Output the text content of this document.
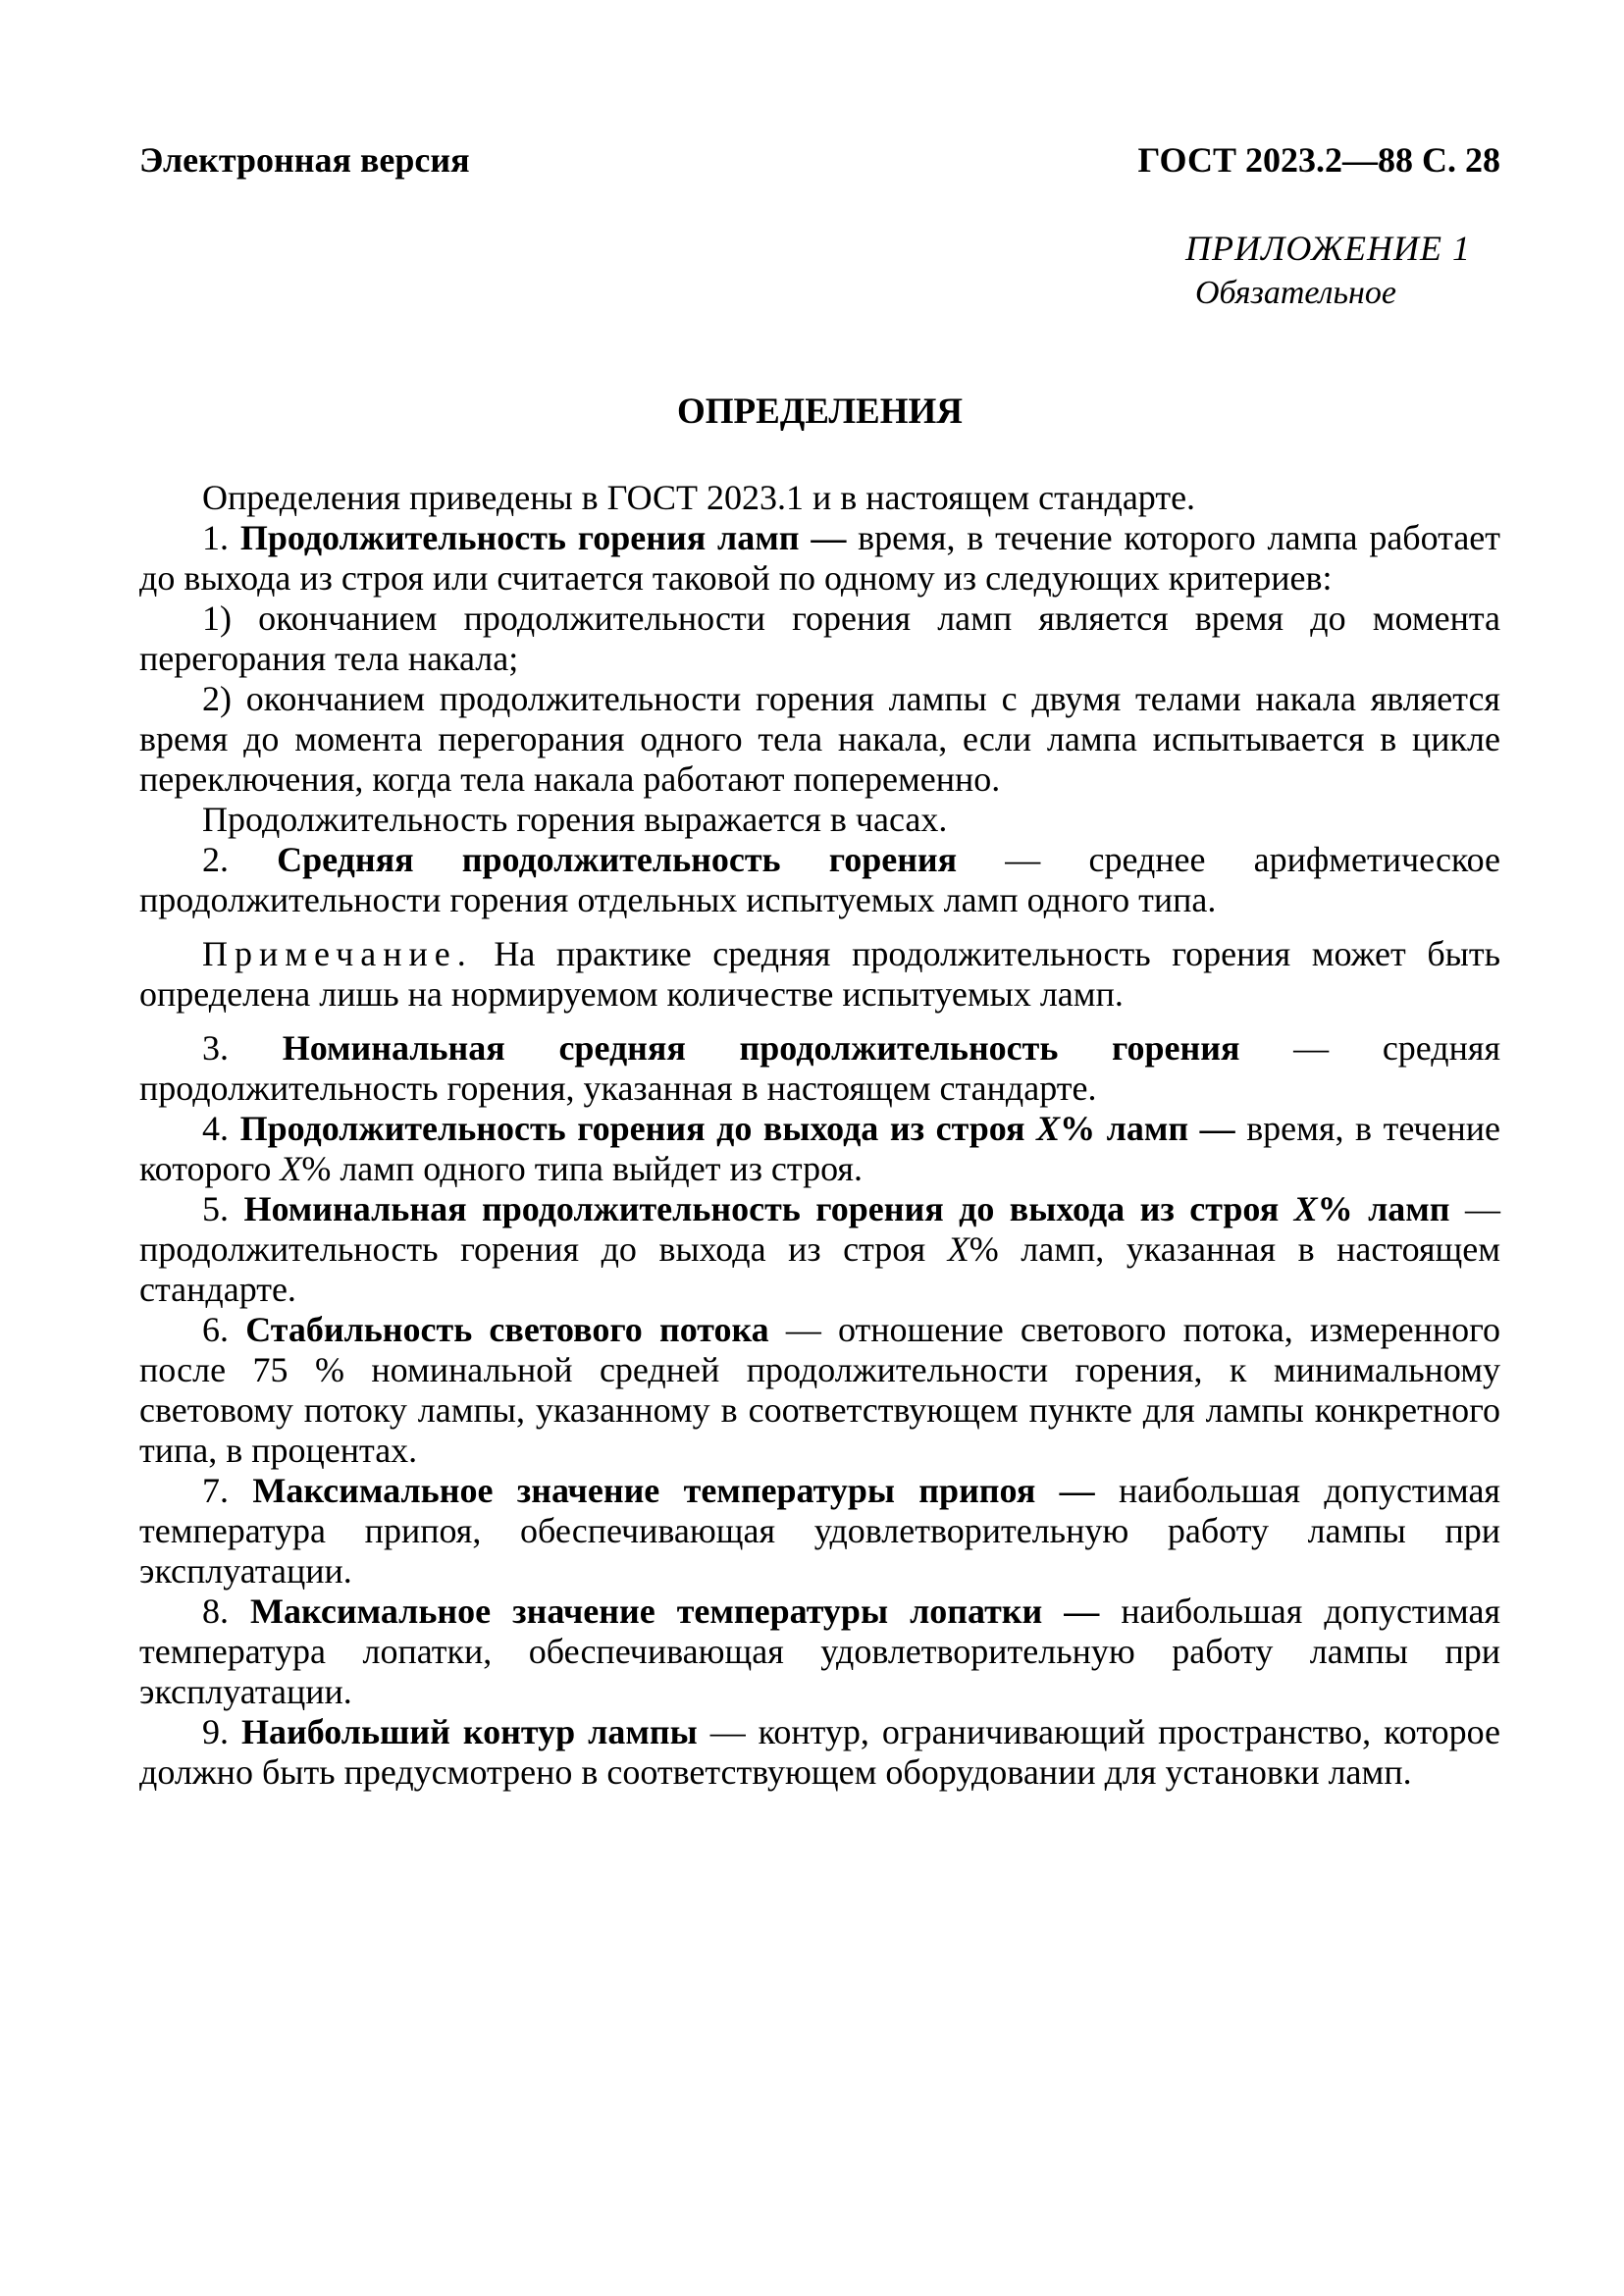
Электронная версия	ГОСТ 2023.2—88 С. 28
ПРИЛОЖЕНИЕ 1
Обязательное
ОПРЕДЕЛЕНИЯ

Определения приведены в ГОСТ 2023.1 и в настоящем стандарте.

1. Продолжительность горения ламп — время, в течение которого лампа работает до выхода из строя или считается таковой по одному из следующих критериев:

1) окончанием продолжительности горения ламп является время до момента перегорания тела накала;

2) окончанием продолжительности горения лампы с двумя телами накала является время до момента перегорания одного тела накала, если лампа испытывается в цикле переключения, когда тела накала работают попеременно.

Продолжительность горения выражается в часах.

2. Средняя продолжительность горения — среднее арифметическое продолжительности горения отдельных испытуемых ламп одного типа.

Примечание. На практике средняя продолжительность горения может быть определена лишь на нормируемом количестве испытуемых ламп.

3. Номинальная средняя продолжительность горения — средняя продолжительность горения, указанная в настоящем стандарте.

4. Продолжительность горения до выхода из строя X% ламп — время, в течение которого X% ламп одного типа выйдет из строя.

5. Номинальная продолжительность горения до выхода из строя X% ламп — продолжительность горения до выхода из строя X% ламп, указанная в настоящем стандарте.

6. Стабильность светового потока — отношение светового потока, измеренного после 75 % номинальной средней продолжительности горения, к минимальному световому потоку лампы, указанному в соответствующем пункте для лампы конкретного типа, в процентах.

7. Максимальное значение температуры припоя — наибольшая допустимая температура припоя, обеспечивающая удовлетворительную работу лампы при эксплуатации.

8. Максимальное значение температуры лопатки — наибольшая допустимая температура лопатки, обеспечивающая удовлетворительную работу лампы при эксплуатации.

9. Наибольший контур лампы — контур, ограничивающий пространство, которое должно быть предусмотрено в соответствующем оборудовании для установки ламп.
